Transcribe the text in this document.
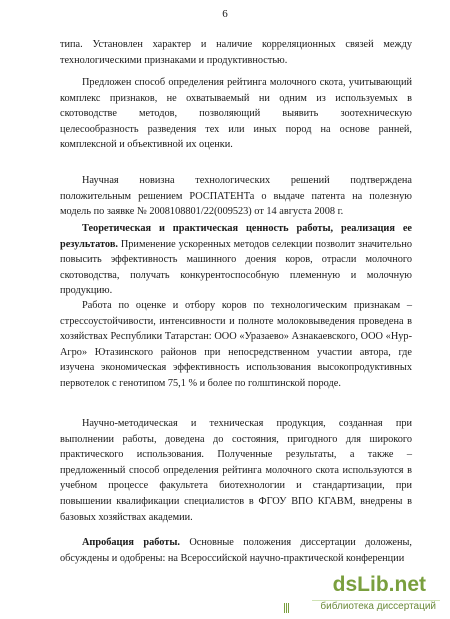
6

типа. Установлен характер и наличие корреляционных связей между технологическими признаками и продуктивностью.

Предложен способ определения рейтинга молочного скота, учитывающий комплекс признаков, не охватываемый ни одним из используемых в скотоводстве методов, позволяющий выявить зоотехническую целесообразность разведения тех или иных пород на основе ранней, комплексной и объективной их оценки.

Научная новизна технологических решений подтверждена положительным решением РОСПАТЕНТа о выдаче патента на полезную модель по заявке № 2008108801/22(009523) от 14 августа 2008 г.

Теоретическая и практическая ценность работы, реализация ее результатов. Применение ускоренных методов селекции позволит значительно повысить эффективность машинного доения коров, отрасли молочного скотоводства, получать конкурентоспособную племенную и молочную продукцию.

Работа по оценке и отбору коров по технологическим признакам – стрессоустойчивости, интенсивности и полноте молоковыведения проведена в хозяйствах Республики Татарстан: ООО «Уразаево» Азнакаевского, ООО «Нур-Агро» Ютазинского районов при непосредственном участии автора, где изучена экономическая эффективность использования высокопродуктивных первотелок с генотипом 75,1 % и более по голштинской породе.

Научно-методическая и техническая продукция, созданная при выполнении работы, доведена до состояния, пригодного для широкого практического использования. Полученные результаты, а также – предложенный способ определения рейтинга молочного скота используются в учебном процессе факультета биотехнологии и стандартизации, при повышении квалификации специалистов в ФГОУ ВПО КГАВМ, внедрены в базовых хозяйствах академии.

Апробация работы. Основные положения диссертации доложены, обсуждены и одобрены: на Всероссийской научно-практической конференции

dsLib.net
библиотека диссертаций
